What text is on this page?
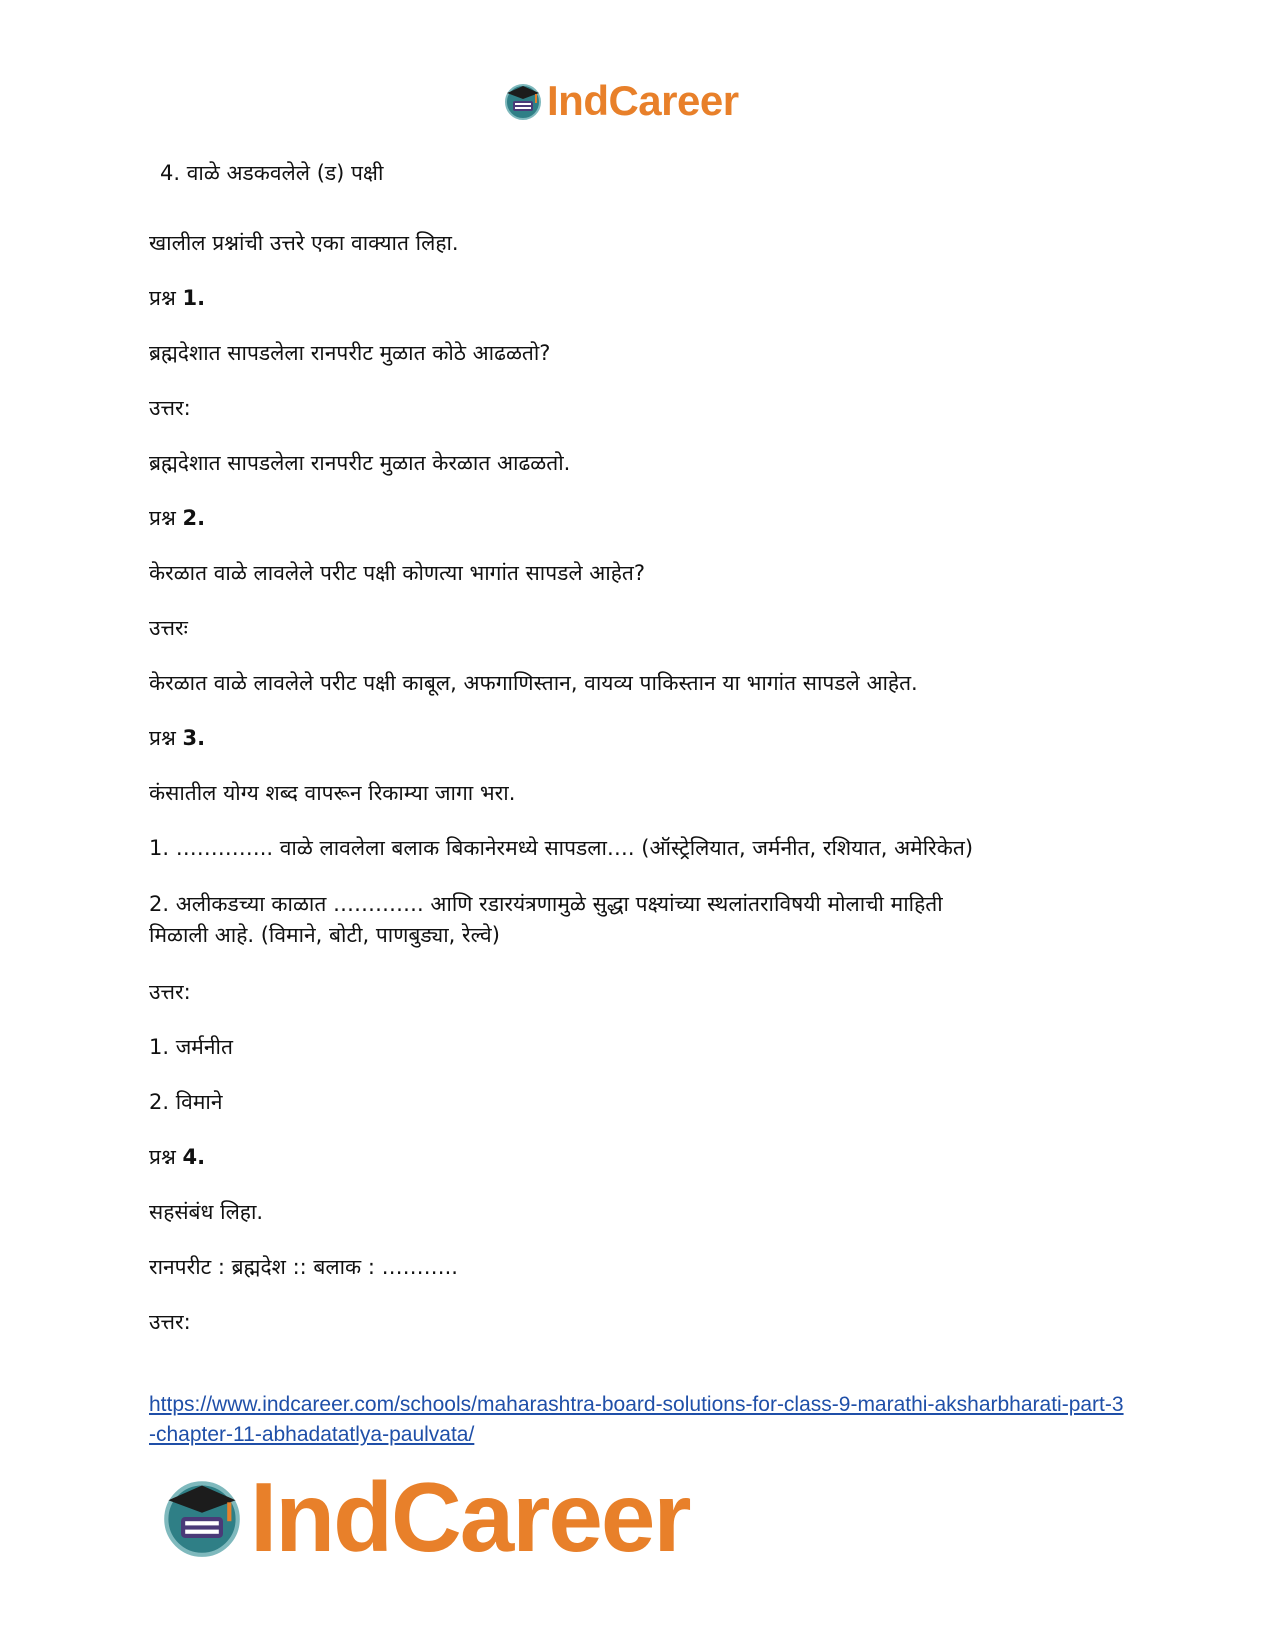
IndCareer

4. वाळे अडकवलेले (ड) पक्षी

खालील प्रश्नांची उत्तरे एका वाक्यात लिहा.

प्रश्न 1.

ब्रह्मदेशात सापडलेला रानपरीट मुळात कोठे आढळतो?

उत्तर:

ब्रह्मदेशात सापडलेला रानपरीट मुळात केरळात आढळतो.

प्रश्न 2.

केरळात वाळे लावलेले परीट पक्षी कोणत्या भागांत सापडले आहेत?

उत्तरः

केरळात वाळे लावलेले परीट पक्षी काबूल, अफगाणिस्तान, वायव्य पाकिस्तान या भागांत सापडले आहेत.

प्रश्न 3.

कंसातील योग्य शब्द वापरून रिकाम्या जागा भरा.

1. ………….. वाळे लावलेला बलाक बिकानेरमध्ये सापडला…. (ऑस्ट्रेलियात, जर्मनीत, रशियात, अमेरिकेत)

2. अलीकडच्या काळात …………. आणि रडारयंत्रणामुळे सुद्धा पक्ष्यांच्या स्थलांतराविषयी मोलाची माहिती

मिळाली आहे. (विमाने, बोटी, पाणबुड्या, रेल्वे)

उत्तर:

1. जर्मनीत

2. विमाने

प्रश्न 4.

सहसंबंध लिहा.

रानपरीट : ब्रह्मदेश :: बलाक : ………..

उत्तर:

https://www.indcareer.com/schools/maharashtra-board-solutions-for-class-9-marathi-aksharbharati-part-3-chapter-11-abhadatatlya-paulvata/
IndCareer
